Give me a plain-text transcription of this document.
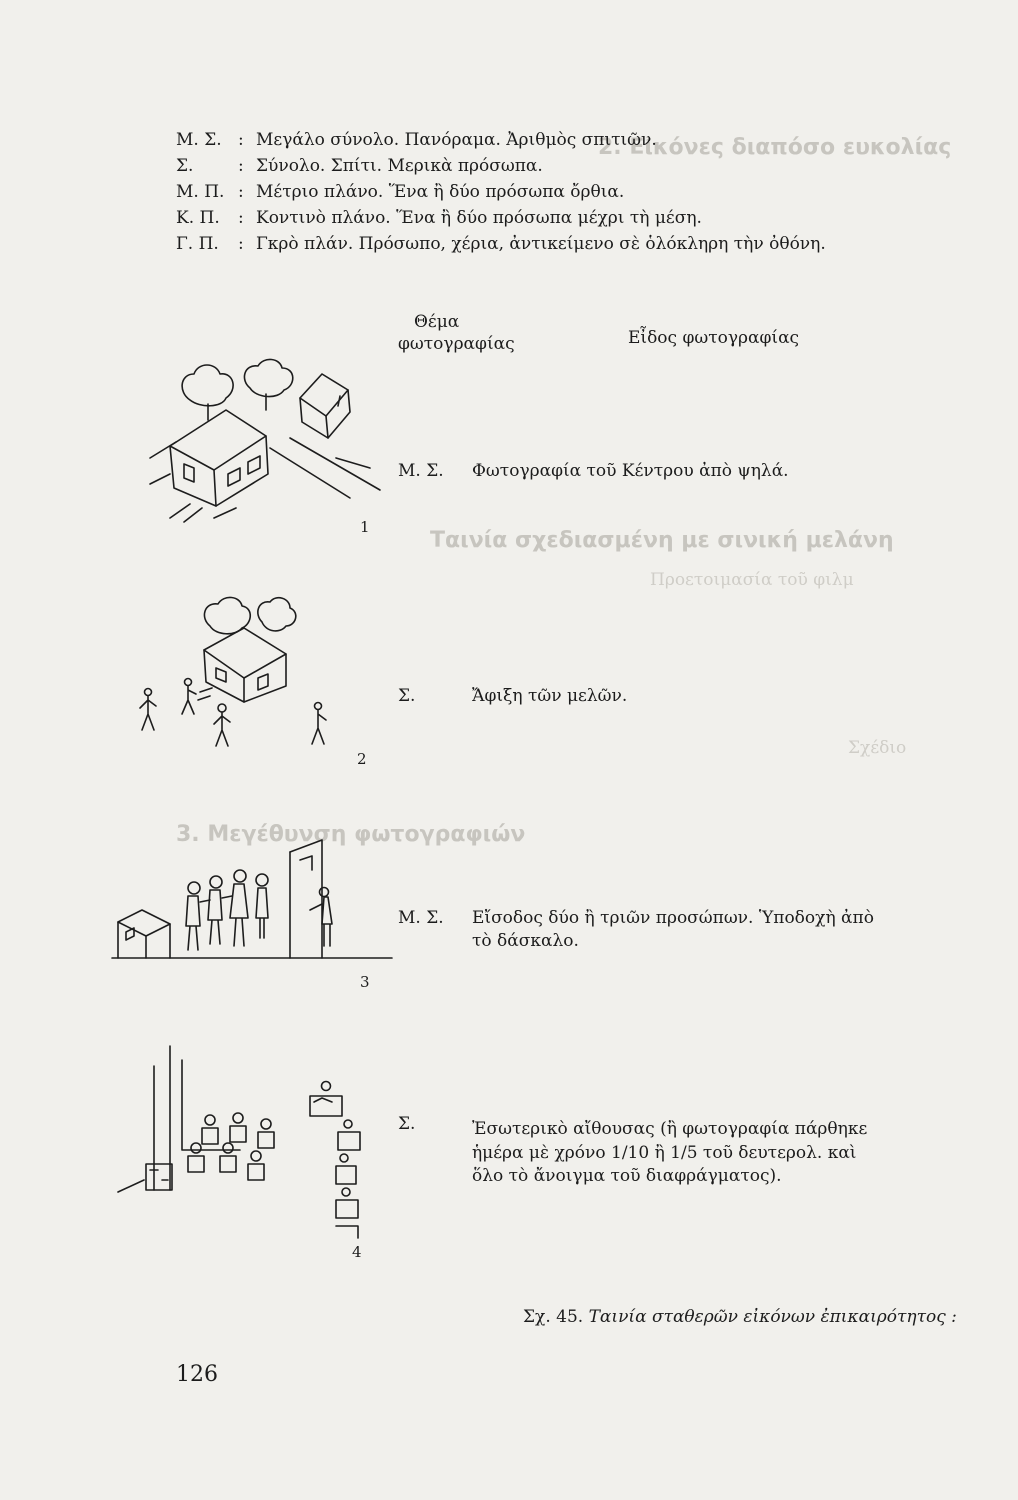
2. Εἰκόνες διαπόσο ευκολίας
Ταινία σχεδιασμένη με σινική μελάνη
3. Μεγέθυνση φωτογραφιών
Προετοιμασία τοῦ φιλμ
Σχέδιο
Μ. Σ. : Μεγάλο σύνολο. Πανόραμα. Ἀριθμὸς σπιτιῶν.
Σ.	: Σύνολο. Σπίτι. Μερικὰ πρόσωπα.
Μ. Π. : Μέτριο πλάνο. Ἕνα ἢ δύο πρόσωπα ὄρθια.
Κ. Π. : Κοντινὸ πλάνο. Ἕνα ἢ δύο πρόσωπα μέχρι τὴ μέση.
Γ. Π. : Γκρὸ πλάν. Πρόσωπο, χέρια, ἀντικείμενο σὲ ὁλόκληρη τὴν ὀθόνη.
Θέμα
φωτογραφίας	Εἶδος φωτογραφίας
1
Μ. Σ. Φωτογραφία τοῦ Κέντρου ἀπὸ ψηλά.
2
Σ.	Ἄφιξη τῶν μελῶν.
3
Μ. Σ. Εἴσοδος δύο ἢ τριῶν προσώπων. Ὑποδοχὴ ἀπὸ
τὸ δάσκαλο.
4
Σ.	Ἐσωτερικὸ αἴθουσας (ἢ φωτογραφία πάρθηκε
ἡμέρα μὲ χρόνο 1/10 ἢ 1/5 τοῦ δευτερολ. καὶ
ὅλο τὸ ἄνοιγμα τοῦ διαφράγματος).
Σχ. 45. Ταινία σταθερῶν εἰκόνων ἐπικαιρότητος :
126
